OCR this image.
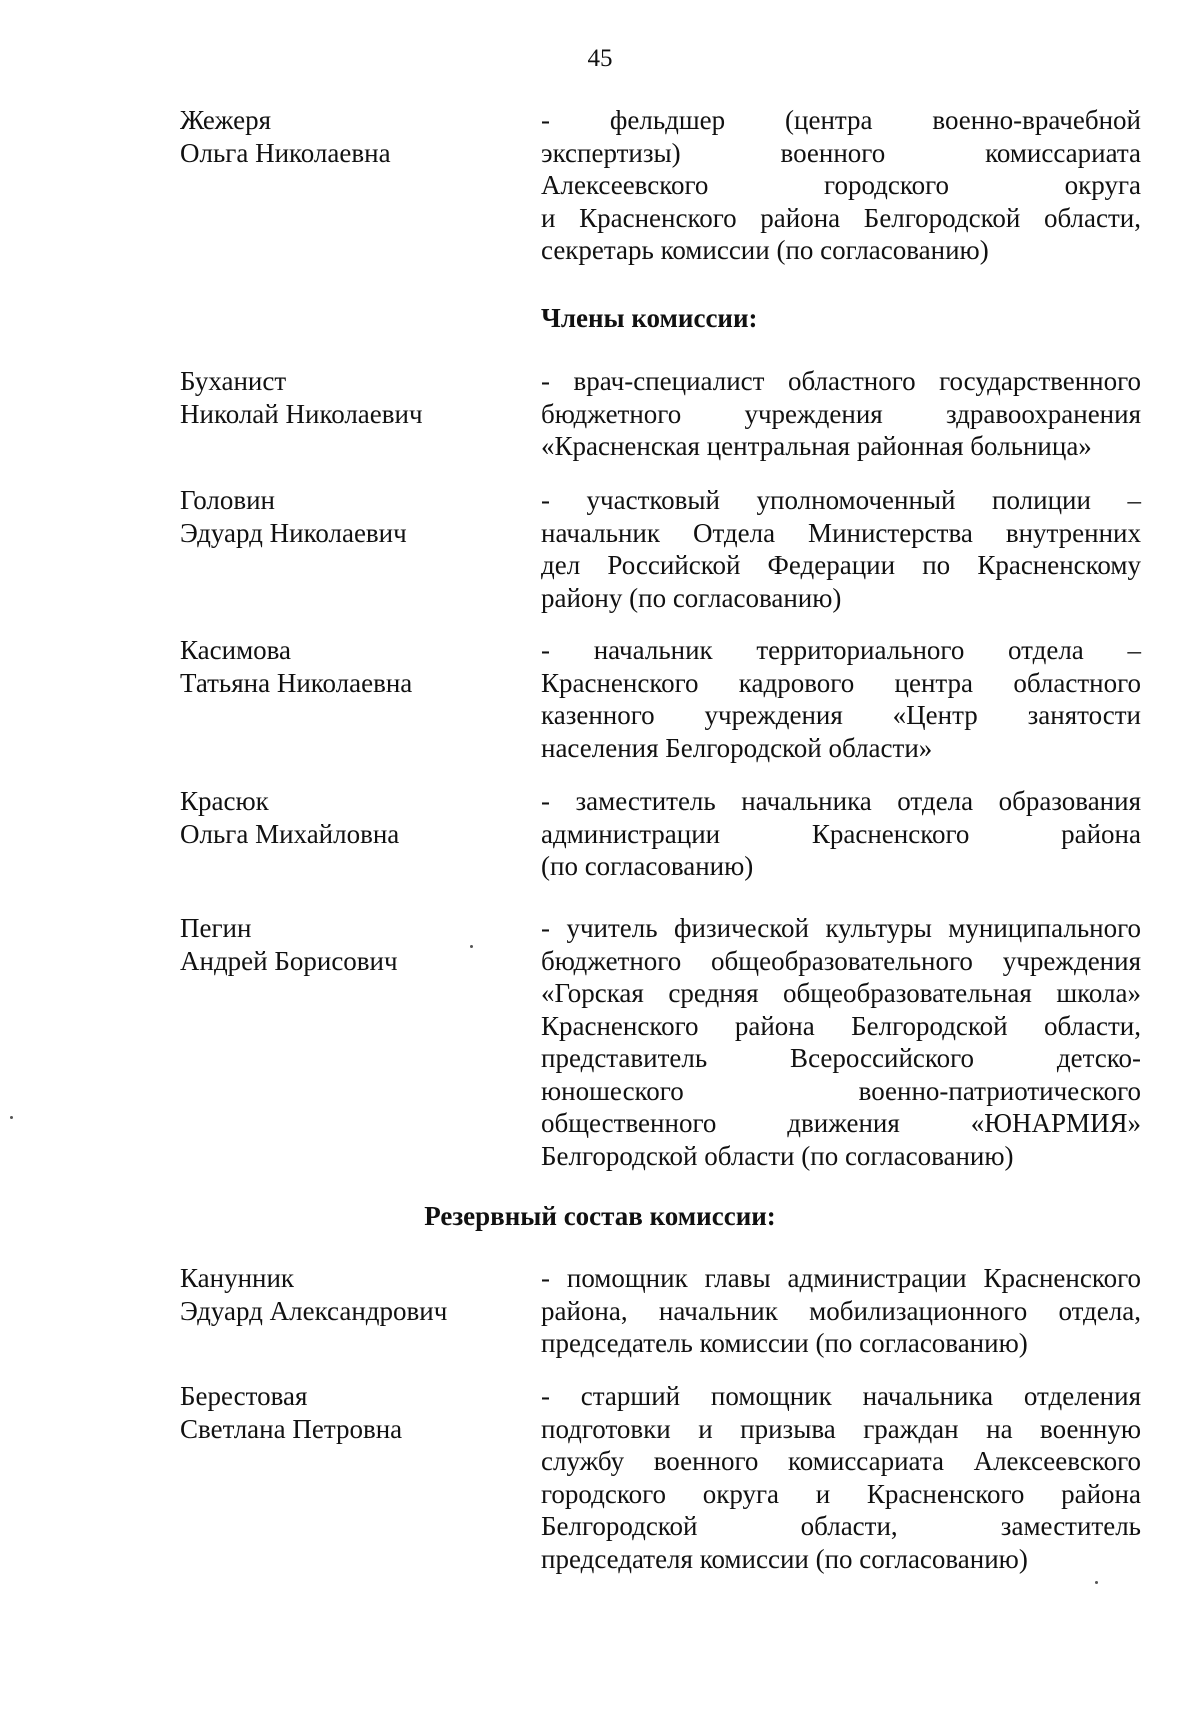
45
Жежеря
Ольга Николаевна
- фельдшер (центра военно-врачебной
экспертизы) военного комиссариата
Алексеевского городского округа
и Красненского района Белгородской области,
секретарь комиссии (по согласованию)
Члены комиссии:
Буханист
Николай Николаевич
- врач-специалист областного государственного
бюджетного учреждения здравоохранения
«Красненская центральная районная больница»
Головин
Эдуард Николаевич
- участковый уполномоченный полиции –
начальник Отдела Министерства внутренних
дел Российской Федерации по Красненскому
району (по согласованию)
Касимова
Татьяна Николаевна
- начальник территориального отдела –
Красненского кадрового центра областного
казенного учреждения «Центр занятости
населения Белгородской области»
Красюк
Ольга Михайловна
- заместитель начальника отдела образования
администрации Красненского района
(по согласованию)
Пегин
Андрей Борисович
- учитель физической культуры муниципального
бюджетного общеобразовательного учреждения
«Горская средняя общеобразовательная школа»
Красненского района Белгородской области,
представитель Всероссийского детско-
юношеского военно-патриотического
общественного движения «ЮНАРМИЯ»
Белгородской области (по согласованию)
Резервный состав комиссии:
Канунник
Эдуард Александрович
- помощник главы администрации Красненского
района, начальник мобилизационного отдела,
председатель комиссии (по согласованию)
Берестовая
Светлана Петровна
- старший помощник начальника отделения
подготовки и призыва граждан на военную
службу военного комиссариата Алексеевского
городского округа и Красненского района
Белгородской области, заместитель
председателя комиссии (по согласованию)
